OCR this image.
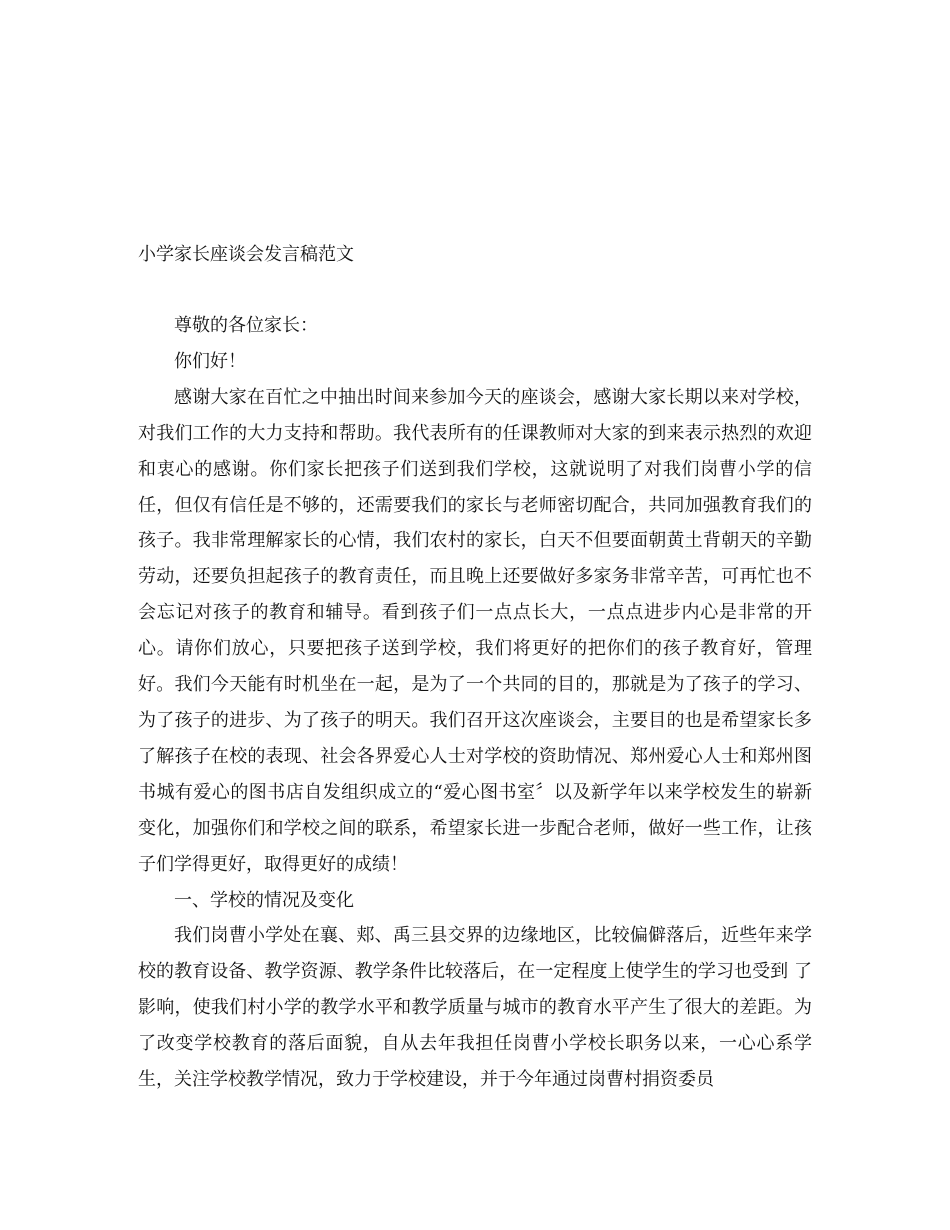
小学家长座谈会发言稿范文

尊敬的各位家长：

你们好！

感谢大家在百忙之中抽出时间来参加今天的座谈会，感谢大家长期以来对学校，对我们工作的大力支持和帮助。我代表所有的任课教师对大家的到来表示热烈的欢迎和衷心的感谢。你们家长把孩子们送到我们学校，这就说明了对我们岗曹小学的信任，但仅有信任是不够的，还需要我们的家长与老师密切配合，共同加强教育我们的孩子。我非常理解家长的心情，我们农村的家长，白天不但要面朝黄土背朝天的辛勤劳动，还要负担起孩子的教育责任，而且晚上还要做好多家务非常辛苦，可再忙也不会忘记对孩子的教育和辅导。看到孩子们一点点长大，一点点进步内心是非常的开心。请你们放心，只要把孩子送到学校，我们将更好的把你们的孩子教育好，管理好。我们今天能有时机坐在一起，是为了一个共同的目的，那就是为了孩子的学习、为了孩子的进步、为了孩子的明天。我们召开这次座谈会，主要目的也是希望家长多了解孩子在校的表现、社会各界爱心人士对学校的资助情况、郑州爱心人士和郑州图书城有爱心的图书店自发组织成立的“爱心图书室〞以及新学年以来学校发生的崭新变化，加强你们和学校之间的联系，希望家长进一步配合老师，做好一些工作，让孩子们学得更好，取得更好的成绩！

一、学校的情况及变化

我们岗曹小学处在襄、郏、禹三县交界的边缘地区，比较偏僻落后，近些年来学校的教育设备、教学资源、教学条件比较落后，在一定程度上使学生的学习也受到 了影响，使我们村小学的教学水平和教学质量与城市的教育水平产生了很大的差距。为了改变学校教育的落后面貌，自从去年我担任岗曹小学校长职务以来，一心心系学生，关注学校教学情况，致力于学校建设，并于今年通过岗曹村捐资委员
